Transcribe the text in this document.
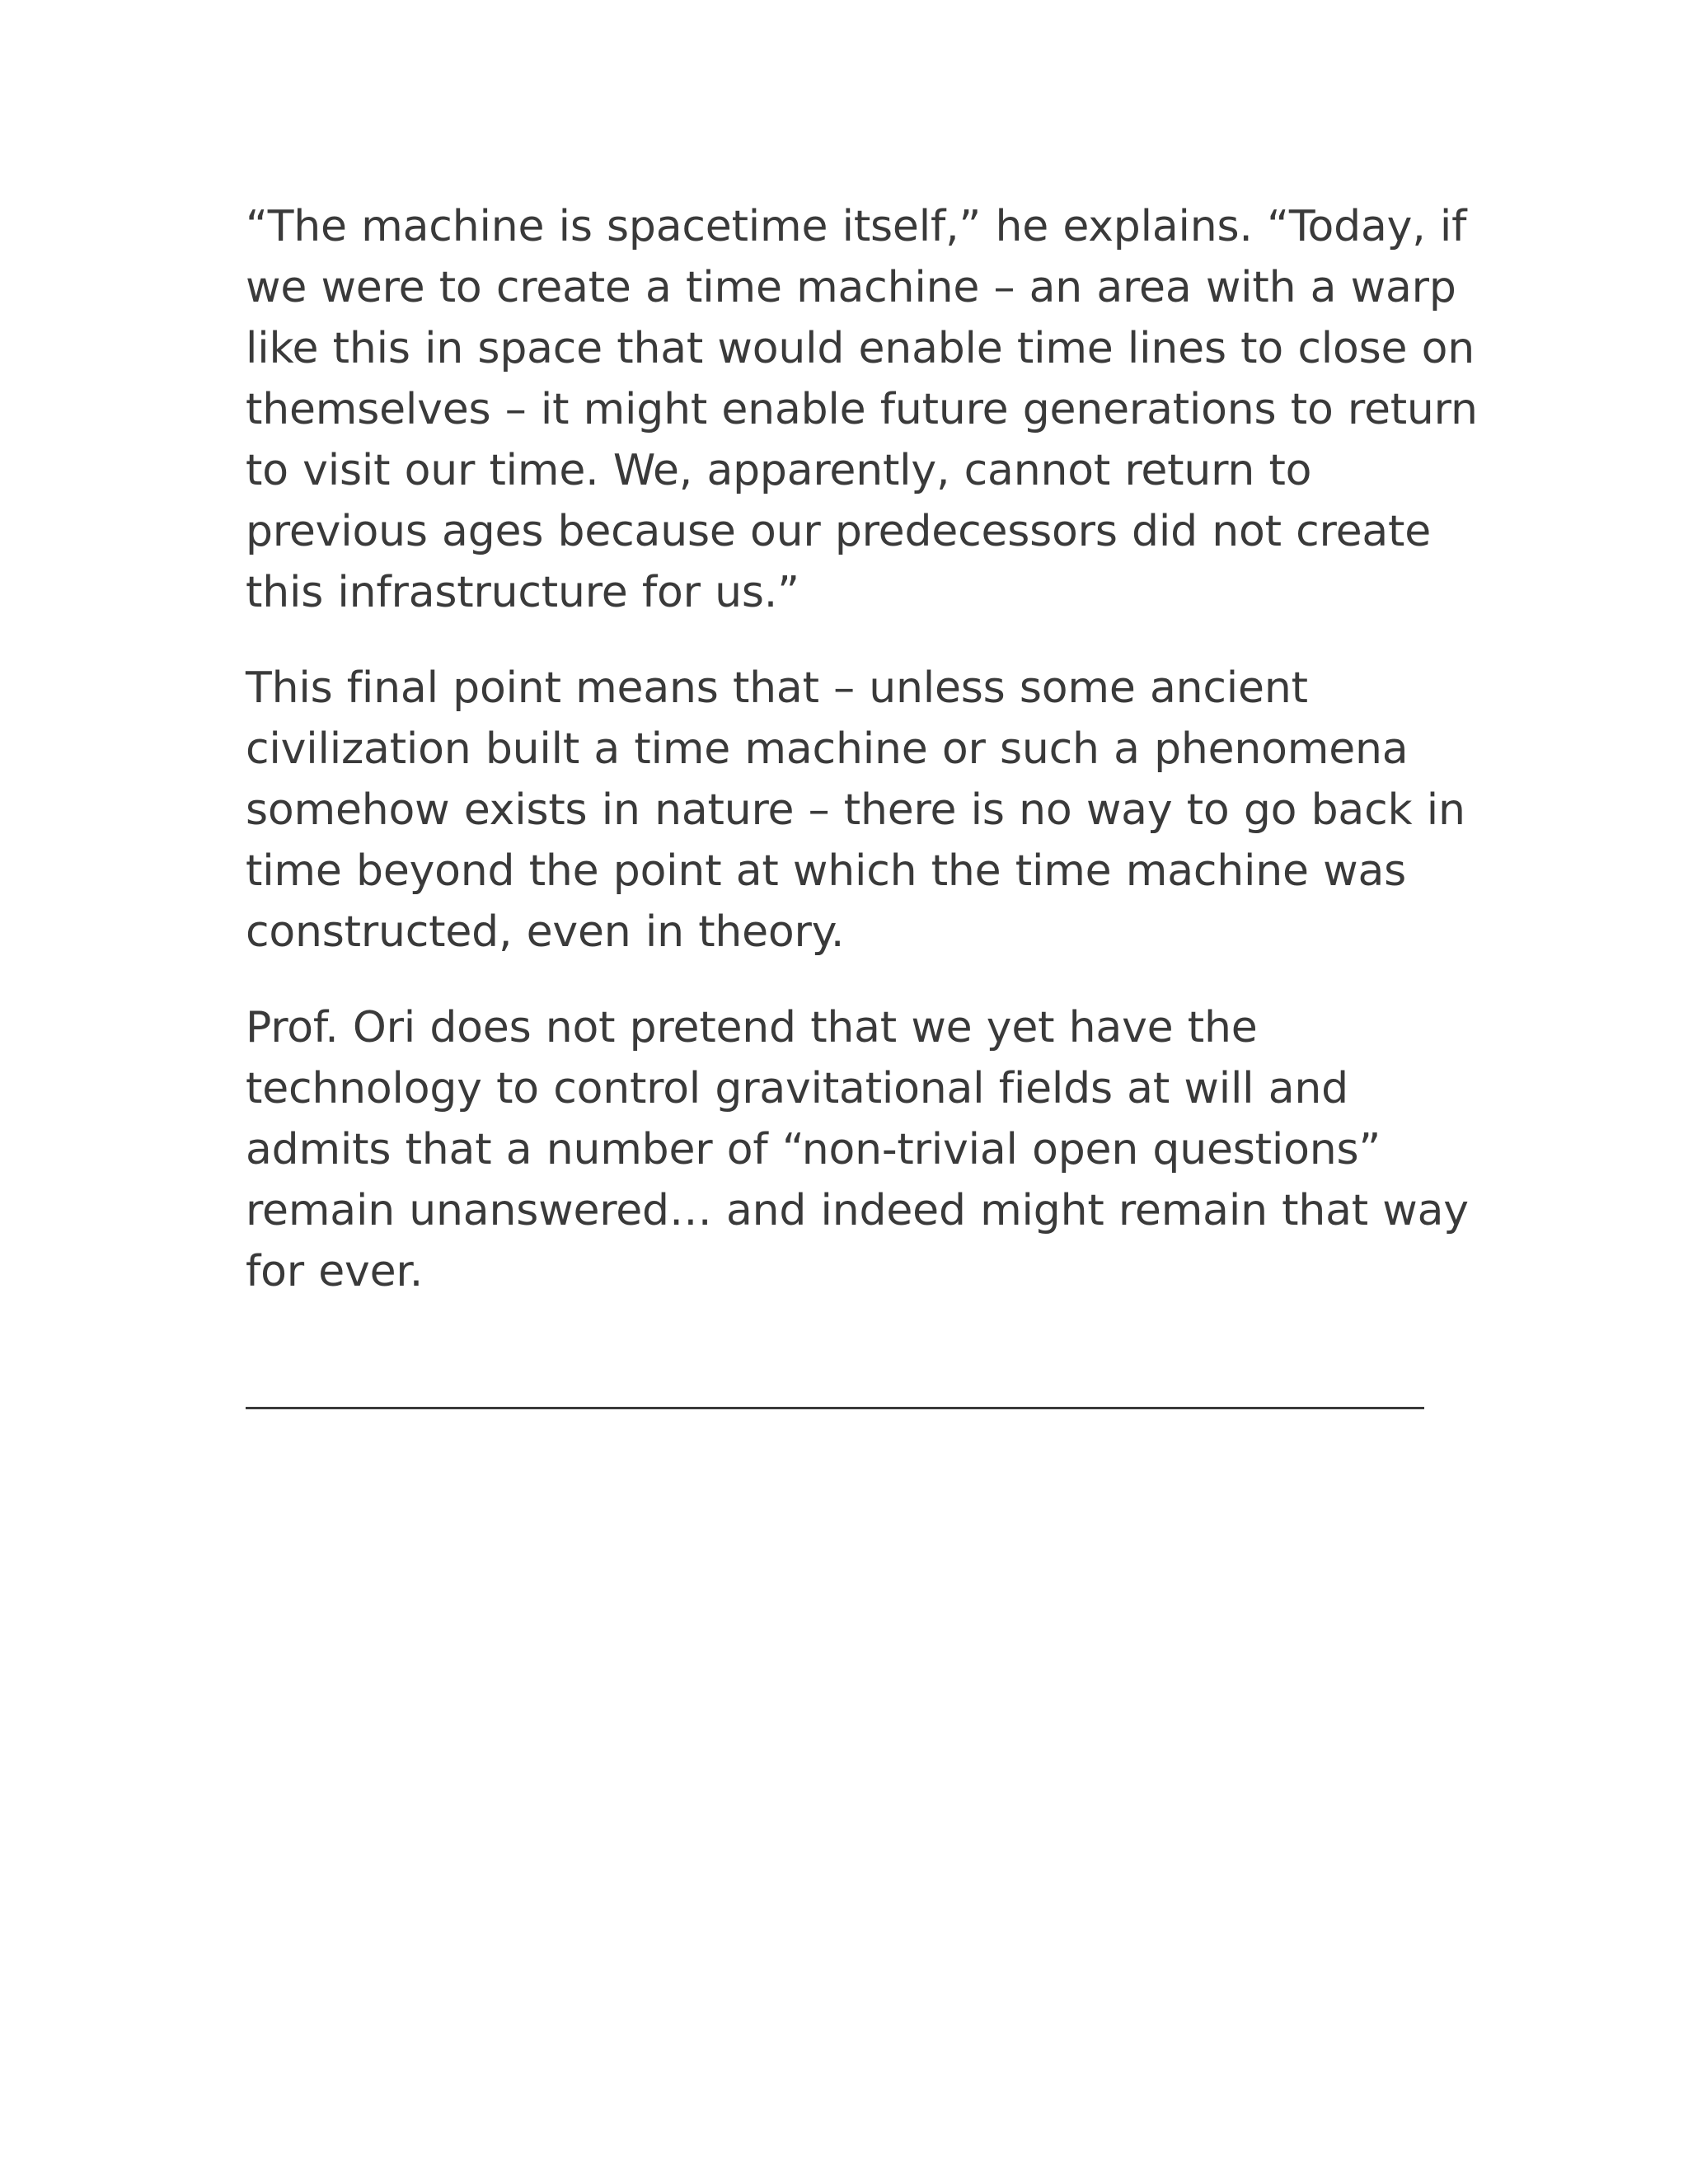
“The machine is spacetime itself,” he explains. “Today, if
we were to create a time machine – an area with a warp
like this in space that would enable time lines to close on
themselves – it might enable future generations to return
to visit our time. We, apparently, cannot return to
previous ages because our predecessors did not create
this infrastructure for us.”

This final point means that – unless some ancient
civilization built a time machine or such a phenomena
somehow exists in nature – there is no way to go back in
time beyond the point at which the time machine was
constructed, even in theory.

Prof. Ori does not pretend that we yet have the
technology to control gravitational fields at will and
admits that a number of “non-trivial open questions”
remain unanswered… and indeed might remain that way
for ever.
